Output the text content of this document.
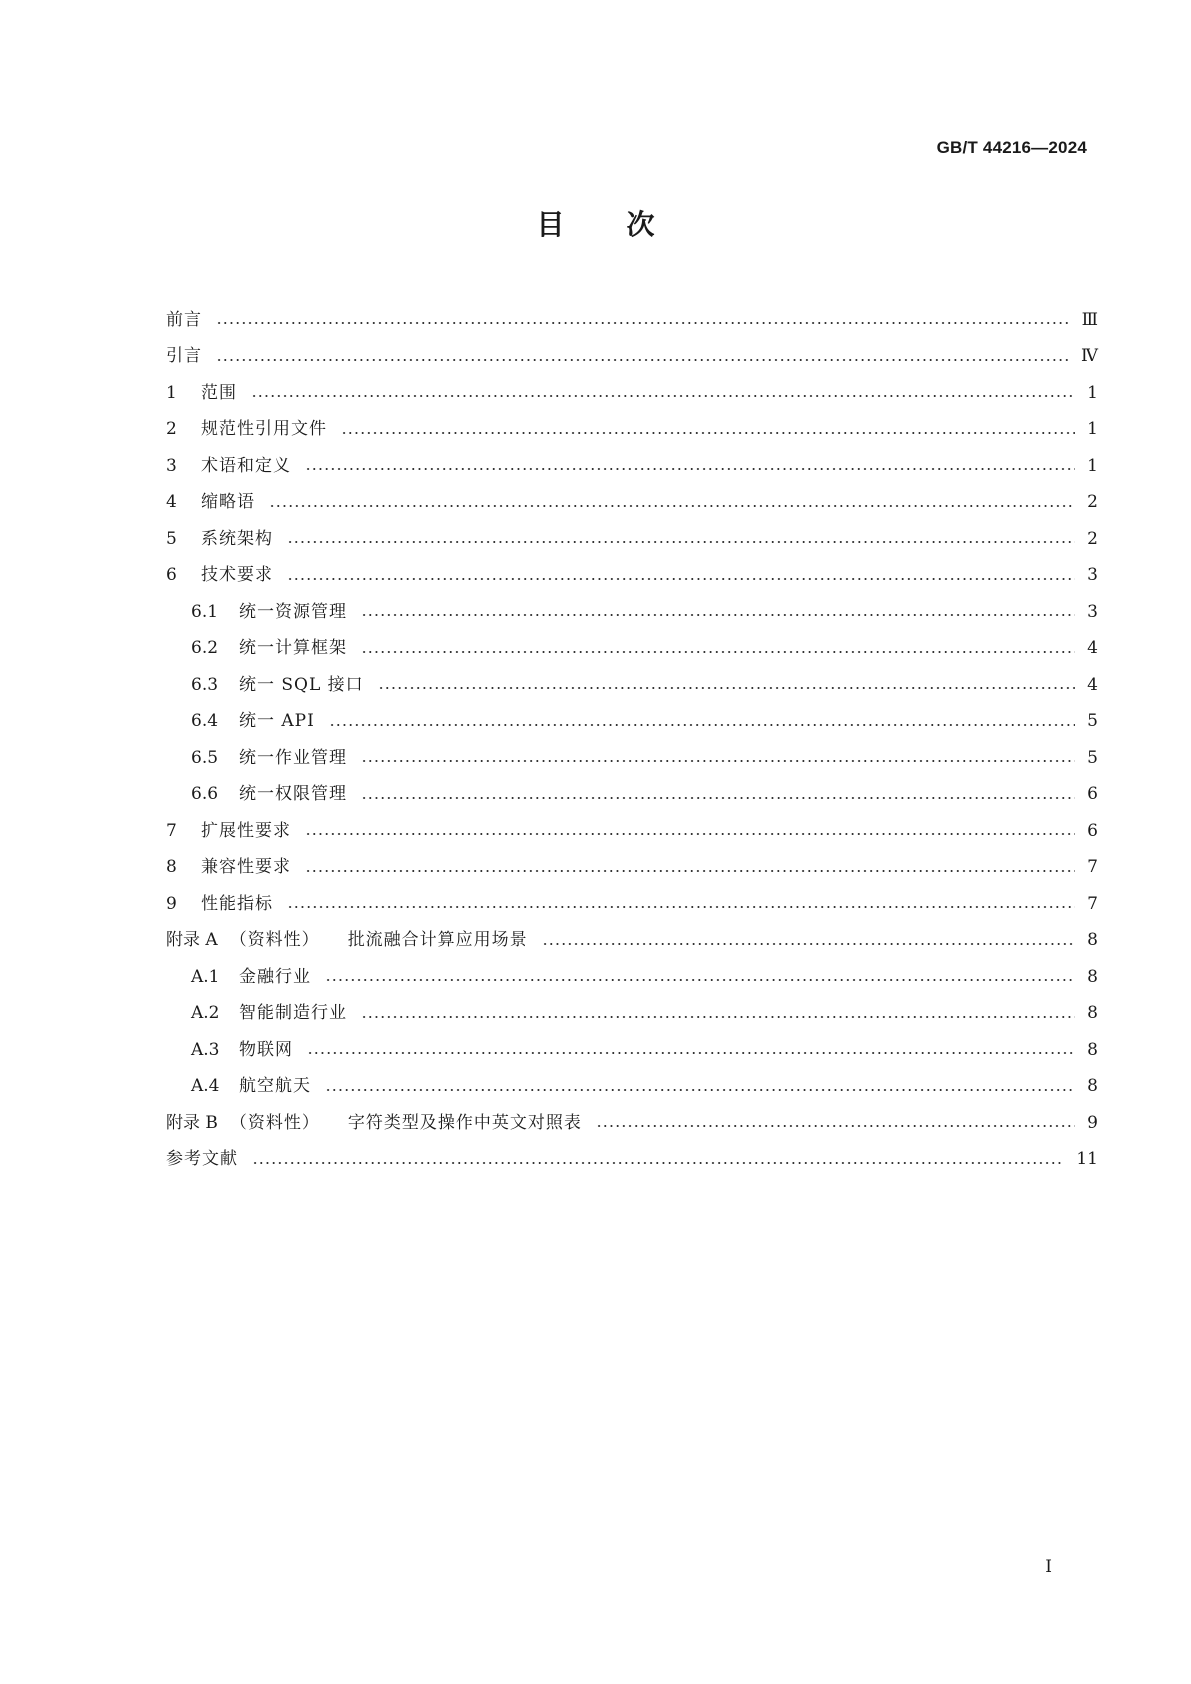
GB/T 44216—2024
目 次
前言	Ⅲ
引言	Ⅳ
1	范围	1
2	规范性引用文件	1
3	术语和定义	1
4	缩略语	2
5	系统架构	2
6	技术要求	3
6.1	统一资源管理	3
6.2	统一计算框架	4
6.3	统一 SQL 接口	4
6.4	统一 API	5
6.5	统一作业管理	5
6.6	统一权限管理	6
7	扩展性要求	6
8	兼容性要求	7
9	性能指标	7
附录 A （资料性） 批流融合计算应用场景	8
A.1	金融行业	8
A.2	智能制造行业	8
A.3	物联网	8
A.4	航空航天	8
附录 B （资料性） 字符类型及操作中英文对照表	9
参考文献	11
Ⅰ
